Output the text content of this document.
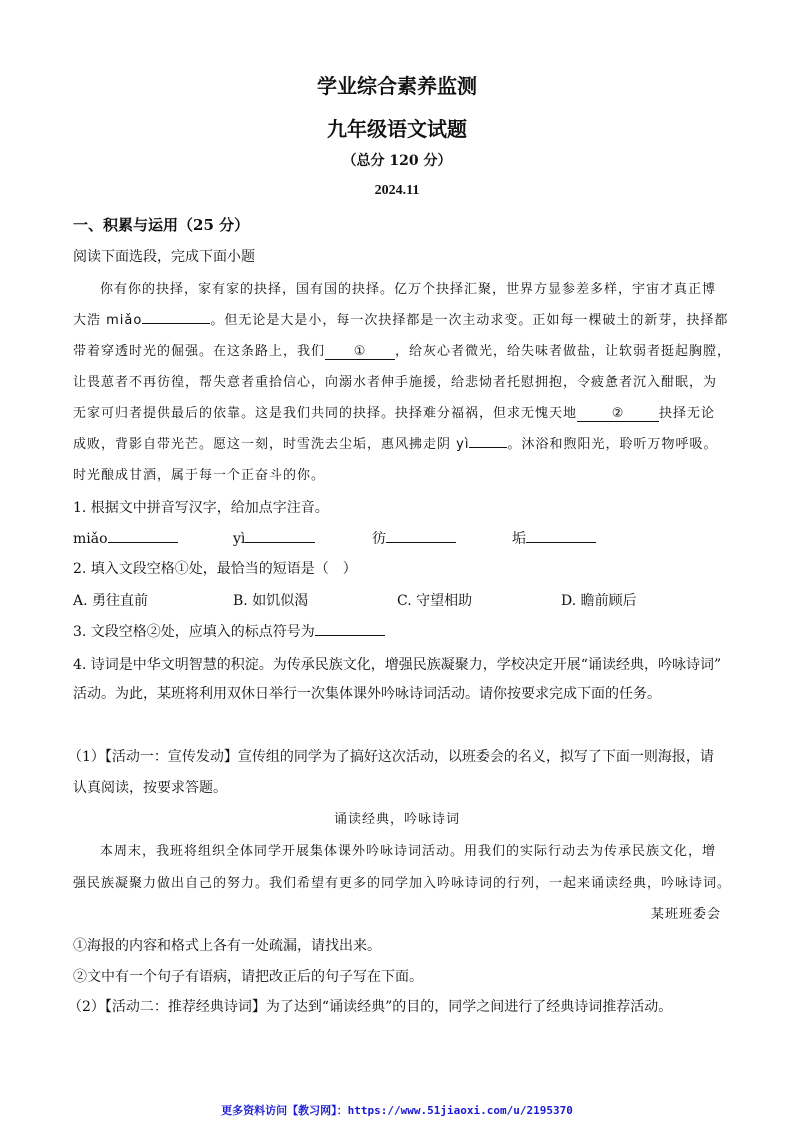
学业综合素养监测
九年级语文试题
（总分 120 分）
2024.11
一、积累与运用（25 分）
阅读下面选段，完成下面小题
你有你的抉择，家有家的抉择，国有国的抉择。亿万个抉择汇聚，世界方显参差多样，宇宙才真正博
大浩 miǎo	。但无论是大是小，每一次抉择都是一次主动求变。正如每一棵破土的新芽，抉择都
带着穿透时光的倔强。在这条路上，我们 ① ，给灰心者微光，给失味者做盐，让软弱者挺起胸膛，
让畏葸者不再彷徨，帮失意者重拾信心，向溺水者伸手施援，给悲恸者托慰拥抱，令疲惫者沉入酣眠，为
无家可归者提供最后的依靠。这是我们共同的抉择。抉择难分福祸，但求无愧天地	②	抉择无论
成败，背影自带光芒。愿这一刻，时雪洗去尘垢，惠风拂走阴 yì	。沐浴和煦阳光，聆听万物呼吸。
时光酿成甘酒，属于每一个正奋斗的你。
1. 根据文中拼音写汉字，给加点字注音。
miǎo	yì	彷	垢
2. 填入文段空格①处，最恰当的短语是（　）
A. 勇往直前	B. 如饥似渴	C. 守望相助	D. 瞻前顾后
3. 文段空格②处，应填入的标点符号为
4. 诗词是中华文明智慧的积淀。为传承民族文化，增强民族凝聚力，学校决定开展“诵读经典，吟咏诗词”
活动。为此，某班将利用双休日举行一次集体课外吟咏诗词活动。请你按要求完成下面的任务。
（1）【活动一：宣传发动】宣传组的同学为了搞好这次活动，以班委会的名义，拟写了下面一则海报，请
认真阅读，按要求答题。
诵读经典，吟咏诗词
本周末，我班将组织全体同学开展集体课外吟咏诗词活动。用我们的实际行动去为传承民族文化，增
强民族凝聚力做出自己的努力。我们希望有更多的同学加入吟咏诗词的行列，一起来诵读经典，吟咏诗词。
某班班委会
①海报的内容和格式上各有一处疏漏，请找出来。
②文中有一个句子有语病，请把改正后的句子写在下面。
（2）【活动二：推荐经典诗词】为了达到“诵读经典”的目的，同学之间进行了经典诗词推荐活动。
更多资料访问【教习网】：https://www.51jiaoxi.com/u/2195370
